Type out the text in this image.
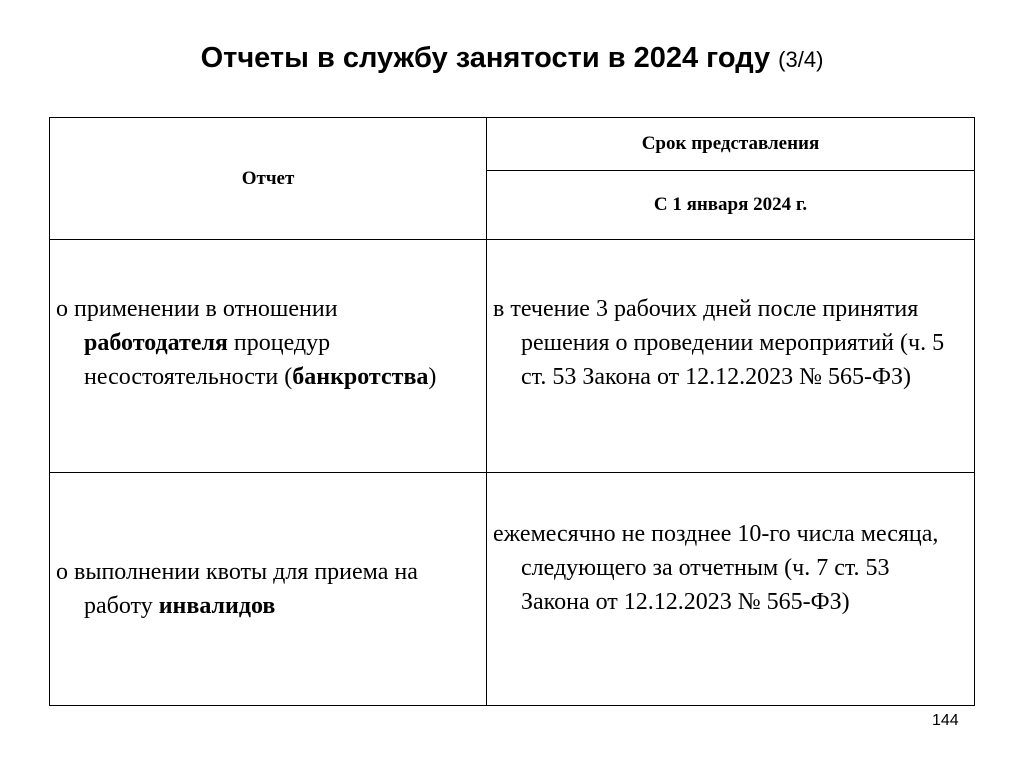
Отчеты в службу занятости в 2024 году (3/4)
Отчет	Срок представления
	С 1 января 2024 г.

о применении в отношении работодателя процедур несостоятельности (банкротства)	в течение 3 рабочих дней после принятия решения о проведении мероприятий (ч. 5 ст. 53 Закона от 12.12.2023 № 565-ФЗ)

о выполнении квоты для приема на работу инвалидов	ежемесячно не позднее 10-го числа месяца, следующего за отчетным (ч. 7 ст. 53 Закона от 12.12.2023 № 565-ФЗ)
144
